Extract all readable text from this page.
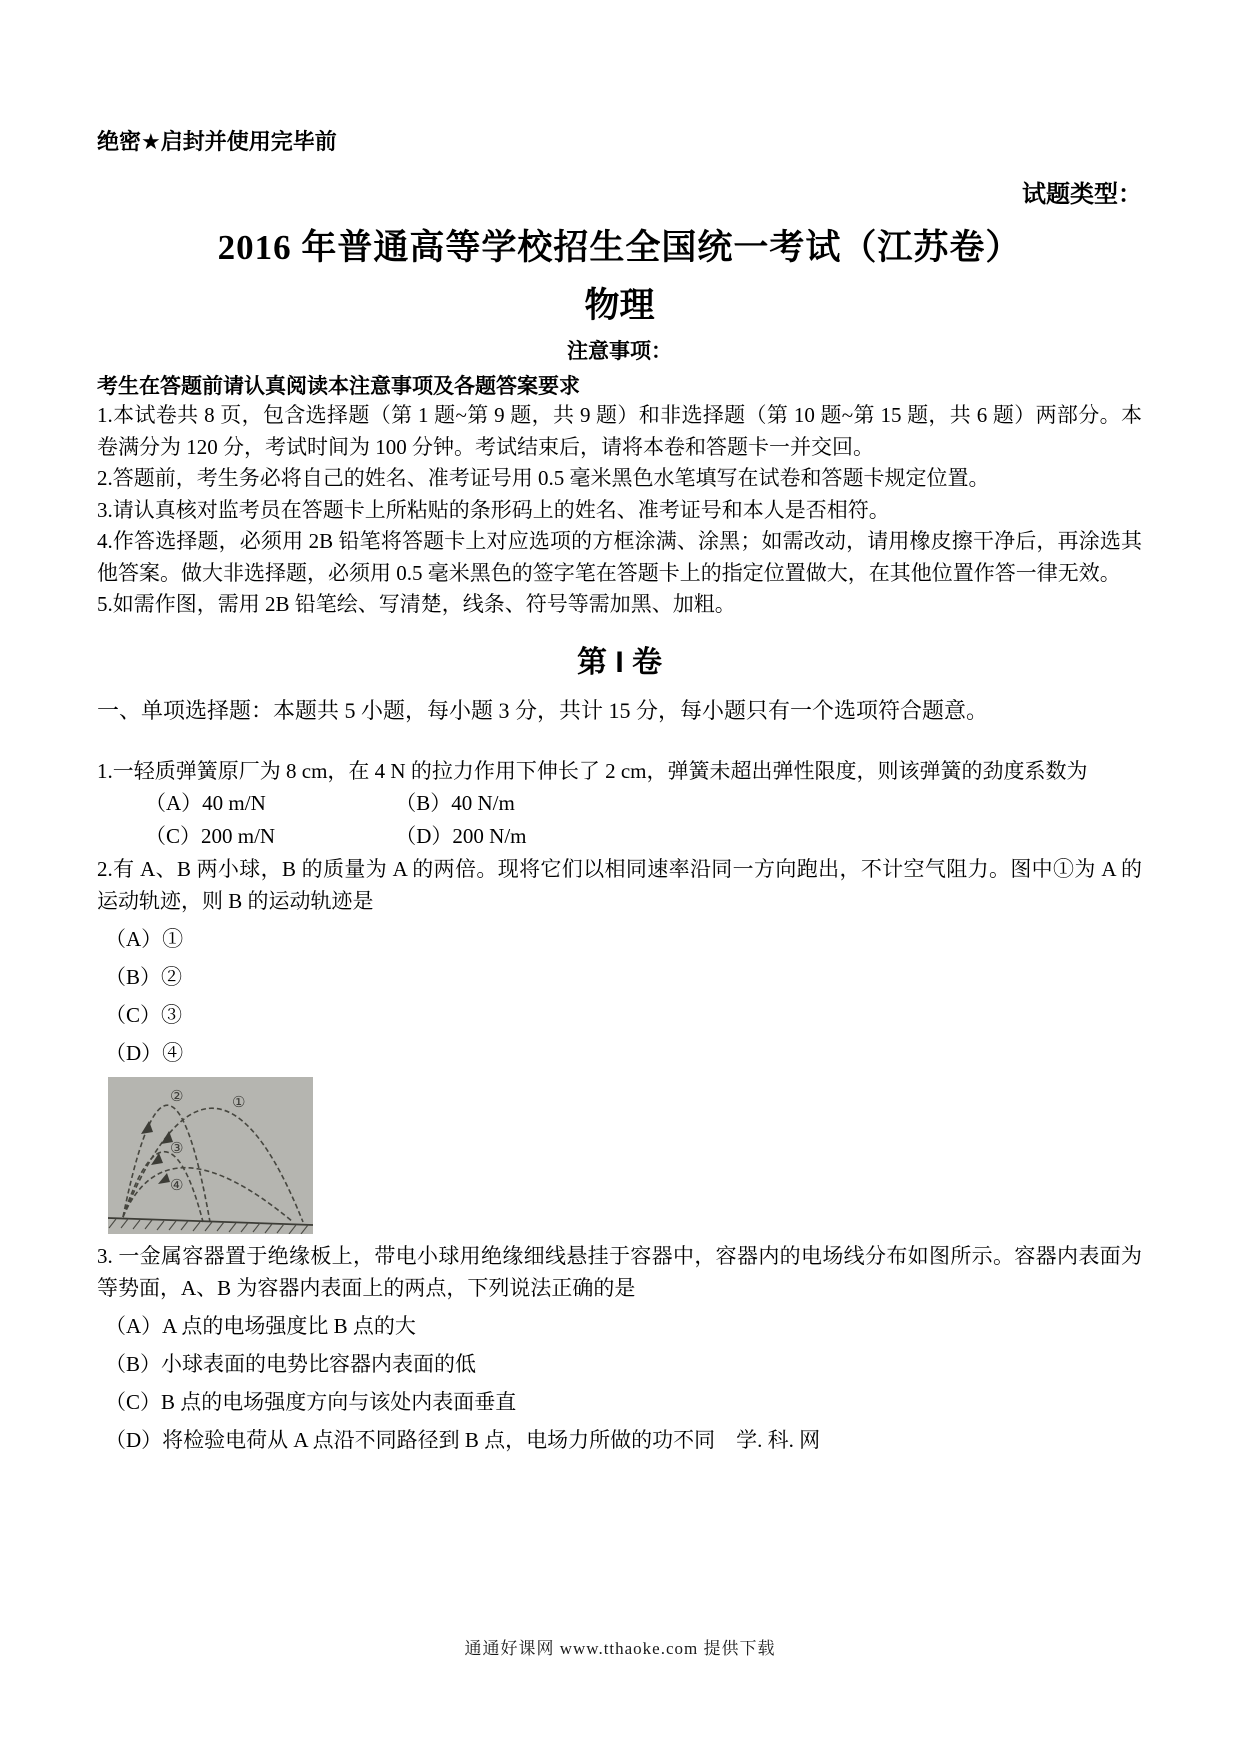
绝密★启封并使用完毕前
试题类型：
2016 年普通高等学校招生全国统一考试（江苏卷）
物理
注意事项：
考生在答题前请认真阅读本注意事项及各题答案要求
1.本试卷共 8 页，包含选择题（第 1 题~第 9 题，共 9 题）和非选择题（第 10 题~第 15 题，共 6 题）两部分。本卷满分为 120 分，考试时间为 100 分钟。考试结束后，请将本卷和答题卡一并交回。
2.答题前，考生务必将自己的姓名、准考证号用 0.5 毫米黑色水笔填写在试卷和答题卡规定位置。
3.请认真核对监考员在答题卡上所粘贴的条形码上的姓名、准考证号和本人是否相符。
4.作答选择题，必须用 2B 铅笔将答题卡上对应选项的方框涂满、涂黑；如需改动，请用橡皮擦干净后，再涂选其他答案。做大非选择题，必须用 0.5 毫米黑色的签字笔在答题卡上的指定位置做大，在其他位置作答一律无效。
5.如需作图，需用 2B 铅笔绘、写清楚，线条、符号等需加黑、加粗。
第 I 卷
一、单项选择题：本题共 5 小题，每小题 3 分，共计 15 分，每小题只有一个选项符合题意。
1.一轻质弹簧原厂为 8 cm，在 4 N 的拉力作用下伸长了 2 cm，弹簧未超出弹性限度，则该弹簧的劲度系数为
（A）40 m/N	（B）40 N/m
（C）200 m/N	（D）200 N/m
2.有 A、B 两小球，B 的质量为 A 的两倍。现将它们以相同速率沿同一方向跑出，不计空气阻力。图中①为 A 的运动轨迹，则 B 的运动轨迹是
（A）①
（B）②
（C）③
（D）④
①
②
③
④
3. 一金属容器置于绝缘板上，带电小球用绝缘细线悬挂于容器中，容器内的电场线分布如图所示。容器内表面为等势面，A、B 为容器内表面上的两点，下列说法正确的是
（A）A 点的电场强度比 B 点的大
（B）小球表面的电势比容器内表面的低
（C）B 点的电场强度方向与该处内表面垂直
（D）将检验电荷从 A 点沿不同路径到 B 点，电场力所做的功不同　学. 科. 网
通通好课网 www.tthaoke.com 提供下载
